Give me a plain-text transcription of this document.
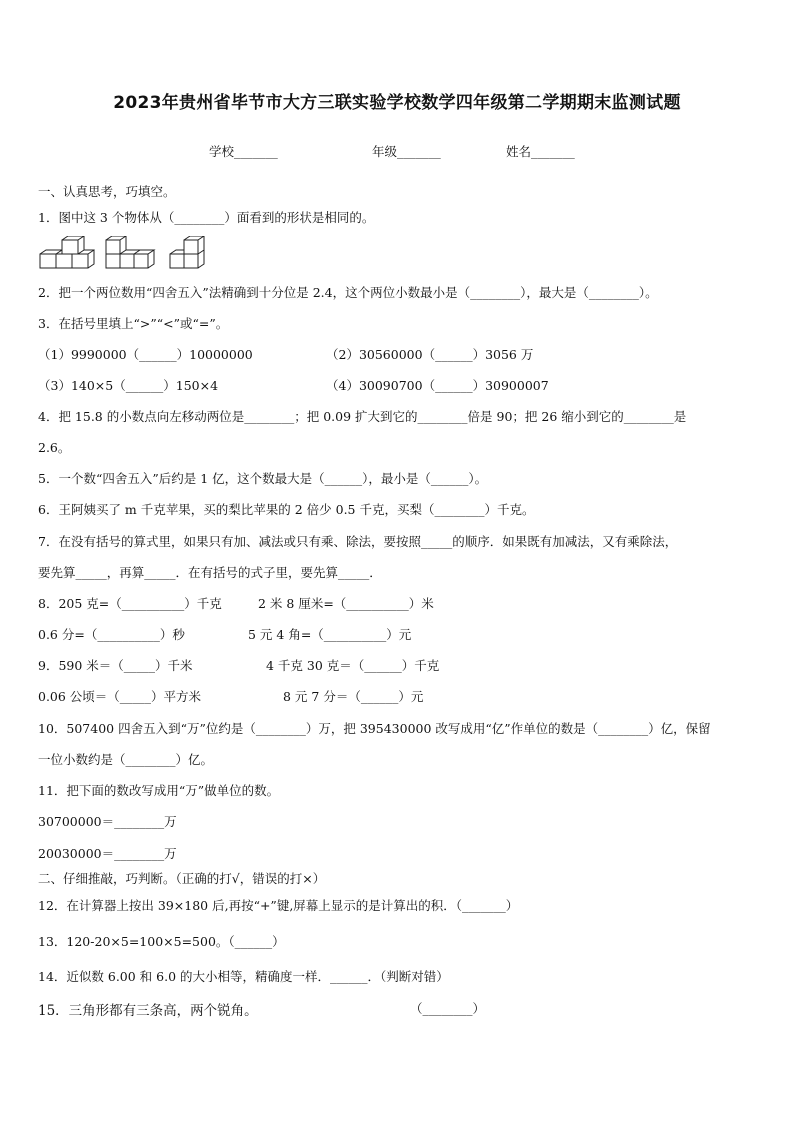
2023年贵州省毕节市大方三联实验学校数学四年级第二学期期末监测试题
学校_______	年级_______	姓名_______
一、认真思考，巧填空。
1．图中这 3 个物体从（________）面看到的形状是相同的。
2．把一个两位数用“四舍五入”法精确到十分位是 2.4，这个两位小数最小是（________），最大是（________）。
3．在括号里填上“>”“<”或“=”。
（1）9990000（______）10000000	（2）30560000（______）3056 万
（3）140×5（______）150×4	（4）30090700（______）30900007
4．把 15.8 的小数点向左移动两位是________；把 0.09 扩大到它的________倍是 90；把 26 缩小到它的________是
2.6。
5．一个数“四舍五入”后约是 1 亿，这个数最大是（______），最小是（______）。
6．王阿姨买了 m 千克苹果，买的梨比苹果的 2 倍少 0.5 千克，买梨（________）千克。
7．在没有括号的算式里，如果只有加、减法或只有乘、除法，要按照_____的顺序．如果既有加减法，又有乘除法，
要先算_____，再算_____．在有括号的式子里，要先算_____．
8．205 克=（__________）千克	2 米 8 厘米=（__________）米
0.6 分=（__________）秒	5 元 4 角=（__________）元
9．590 米＝（_____）千米	4 千克 30 克＝（______）千克
0.06 公顷＝（_____）平方米	8 元 7 分＝（______）元
10．507400 四舍五入到“万”位约是（________）万，把 395430000 改写成用“亿”作单位的数是（________）亿，保留
一位小数约是（________）亿。
11．把下面的数改写成用“万”做单位的数。
30700000＝________万
20030000＝________万
二、仔细推敲，巧判断。（正确的打√，错误的打×）
12．在计算器上按出 39×180 后,再按“+”键,屏幕上显示的是计算出的积．（_______）
13．120-20×5=100×5=500。（______）
14．近似数 6.00 和 6.0 的大小相等，精确度一样．______．（判断对错）
15．三角形都有三条高，两个锐角。	（________）
